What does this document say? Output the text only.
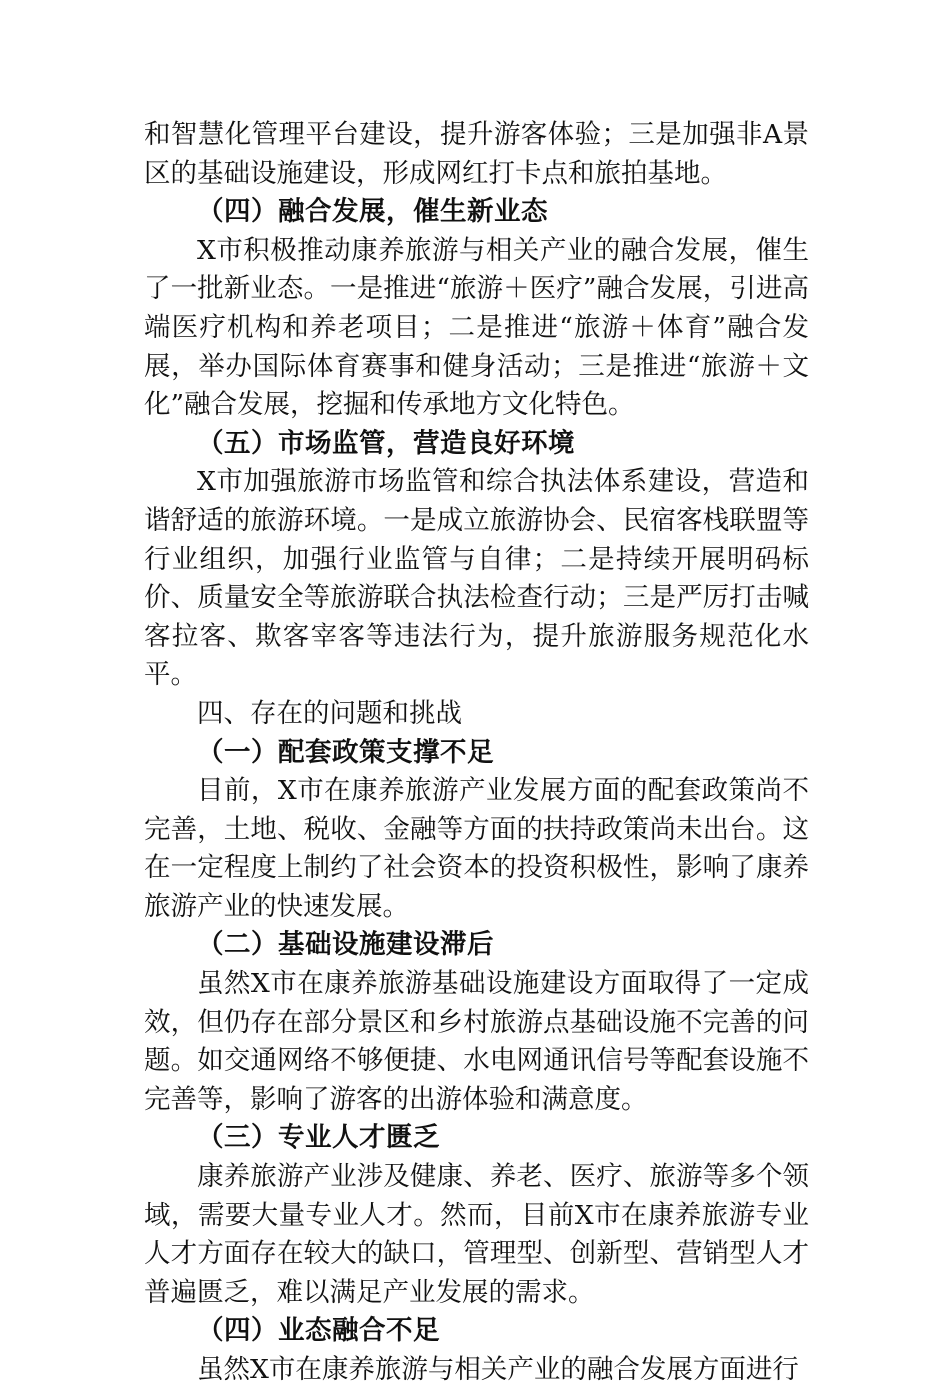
和智慧化管理平台建设，提升游客体验；三是加强非A景区的基础设施建设，形成网红打卡点和旅拍基地。

（四）融合发展，催生新业态

X市积极推动康养旅游与相关产业的融合发展，催生了一批新业态。一是推进“旅游＋医疗”融合发展，引进高端医疗机构和养老项目；二是推进“旅游＋体育”融合发展，举办国际体育赛事和健身活动；三是推进“旅游＋文化”融合发展，挖掘和传承地方文化特色。

（五）市场监管，营造良好环境

X市加强旅游市场监管和综合执法体系建设，营造和谐舒适的旅游环境。一是成立旅游协会、民宿客栈联盟等行业组织，加强行业监管与自律；二是持续开展明码标价、质量安全等旅游联合执法检查行动；三是严厉打击喊客拉客、欺客宰客等违法行为，提升旅游服务规范化水平。

四、存在的问题和挑战

（一）配套政策支撑不足

目前，X市在康养旅游产业发展方面的配套政策尚不完善，土地、税收、金融等方面的扶持政策尚未出台。这在一定程度上制约了社会资本的投资积极性，影响了康养旅游产业的快速发展。

（二）基础设施建设滞后

虽然X市在康养旅游基础设施建设方面取得了一定成效，但仍存在部分景区和乡村旅游点基础设施不完善的问题。如交通网络不够便捷、水电网通讯信号等配套设施不完善等，影响了游客的出游体验和满意度。

（三）专业人才匮乏

康养旅游产业涉及健康、养老、医疗、旅游等多个领域，需要大量专业人才。然而，目前X市在康养旅游专业人才方面存在较大的缺口，管理型、创新型、营销型人才普遍匮乏，难以满足产业发展的需求。

（四）业态融合不足

虽然X市在康养旅游与相关产业的融合发展方面进行
